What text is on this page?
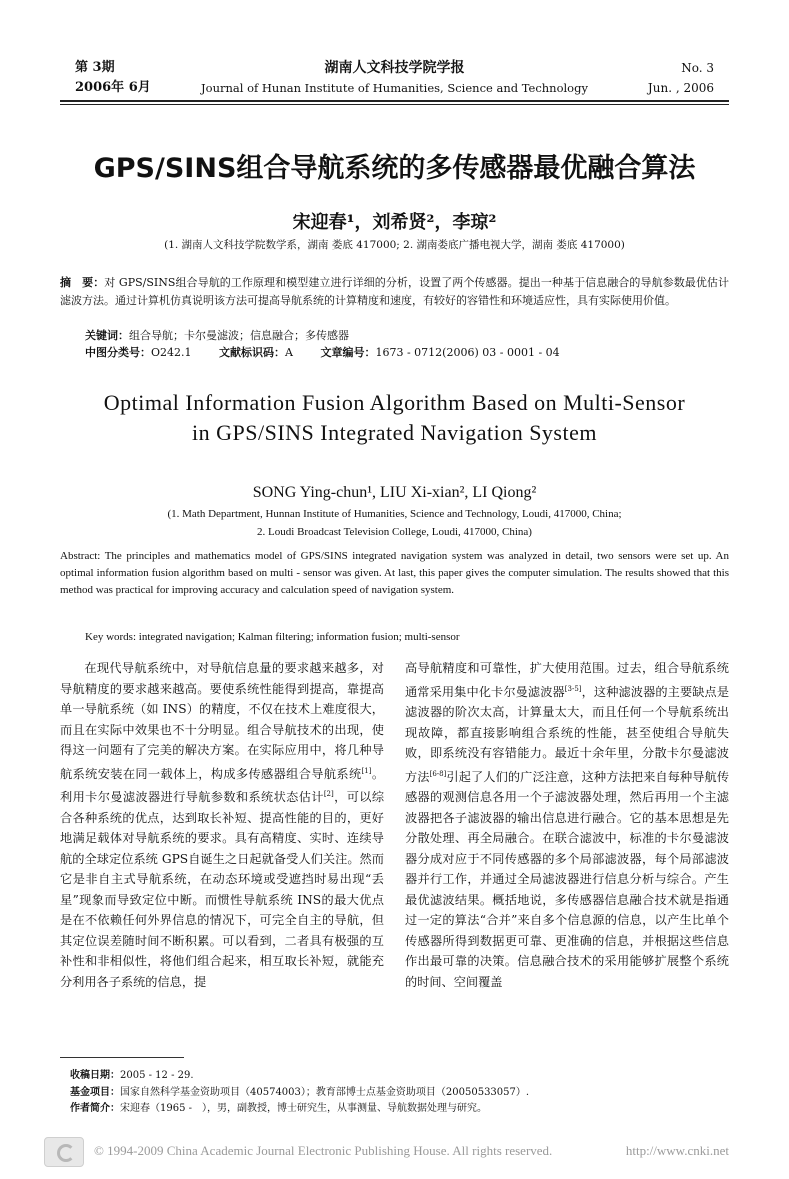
第 3期
2006年 6月
湖南人文科技学院学报
Journal of Hunan Institute of Humanities, Science and Technology
No. 3
Jun. , 2006
GPS/SINS组合导航系统的多传感器最优融合算法
宋迎春¹，刘希贤²，李琼²
(1. 湖南人文科技学院数学系，湖南 娄底 417000; 2. 湖南娄底广播电视大学，湖南 娄底 417000)
摘　要：对 GPS/SINS组合导航的工作原理和模型建立进行详细的分析，设置了两个传感器。提出一种基于信息融合的导航参数最优估计滤波方法。通过计算机仿真说明该方法可提高导航系统的计算精度和速度，有较好的容错性和环境适应性，具有实际使用价值。
关键词：组合导航；卡尔曼滤波；信息融合；多传感器
中图分类号：O242.1	文献标识码：A	文章编号：1673 - 0712(2006) 03 - 0001 - 04
Optimal Information Fusion Algorithm Based on Multi-Sensor
in GPS/SINS Integrated Navigation System
SONG Ying-chun¹, LIU Xi-xian², LI Qiong²
(1. Math Department, Hunnan Institute of Humanities, Science and Technology, Loudi, 417000, China;
2. Loudi Broadcast Television College, Loudi, 417000, China)
Abstract: The principles and mathematics model of GPS/SINS integrated navigation system was analyzed in detail, two sensors were set up. An optimal information fusion algorithm based on multi - sensor was given. At last, this paper gives the computer simulation. The results showed that this method was practical for improving accuracy and calculation speed of navigation system.
Key words: integrated navigation; Kalman filtering; information fusion; multi-sensor
在现代导航系统中，对导航信息量的要求越来越多，对导航精度的要求越来越高。要使系统性能得到提高，靠提高单一导航系统（如 INS）的精度，不仅在技术上难度很大，而且在实际中效果也不十分明显。组合导航技术的出现，使得这一问题有了完美的解决方案。在实际应用中，将几种导航系统安装在同一载体上，构成多传感器组合导航系统[1]。利用卡尔曼滤波器进行导航参数和系统状态估计[2]，可以综合各种系统的优点，达到取长补短、提高性能的目的，更好地满足载体对导航系统的要求。具有高精度、实时、连续导航的全球定位系统 GPS自诞生之日起就备受人们关注。然而它是非自主式导航系统，在动态环境或受遮挡时易出现“丢星”现象而导致定位中断。而惯性导航系统 INS的最大优点是在不依赖任何外界信息的情况下，可完全自主的导航，但其定位误差随时间不断积累。可以看到，二者具有极强的互补性和非相似性，将他们组合起来，相互取长补短，就能充分利用各子系统的信息，提
高导航精度和可靠性，扩大使用范围。过去，组合导航系统通常采用集中化卡尔曼滤波器[3-5]，这种滤波器的主要缺点是滤波器的阶次太高，计算量太大，而且任何一个导航系统出现故障，都直接影响组合系统的性能，甚至使组合导航失败，即系统没有容错能力。最近十余年里，分散卡尔曼滤波方法[6-8]引起了人们的广泛注意，这种方法把来自每种导航传感器的观测信息各用一个子滤波器处理，然后再用一个主滤波器把各子滤波器的输出信息进行融合。它的基本思想是先分散处理、再全局融合。在联合滤波中，标准的卡尔曼滤波器分成对应于不同传感器的多个局部滤波器，每个局部滤波器并行工作，并通过全局滤波器进行信息分析与综合。产生最优滤波结果。概括地说，多传感器信息融合技术就是指通过一定的算法“合并”来自多个信息源的信息，以产生比单个传感器所得到数据更可靠、更准确的信息，并根据这些信息作出最可靠的决策。信息融合技术的采用能够扩展整个系统的时间、空间覆盖
收稿日期：2005 - 12 - 29.
基金项目：国家自然科学基金资助项目（40574003）；教育部博士点基金资助项目（20050533057）.
作者简介：宋迎春（1965 -　），男，副教授，博士研究生，从事测量、导航数据处理与研究。
© 1994-2009 China Academic Journal Electronic Publishing House. All rights reserved.	http://www.cnki.net
